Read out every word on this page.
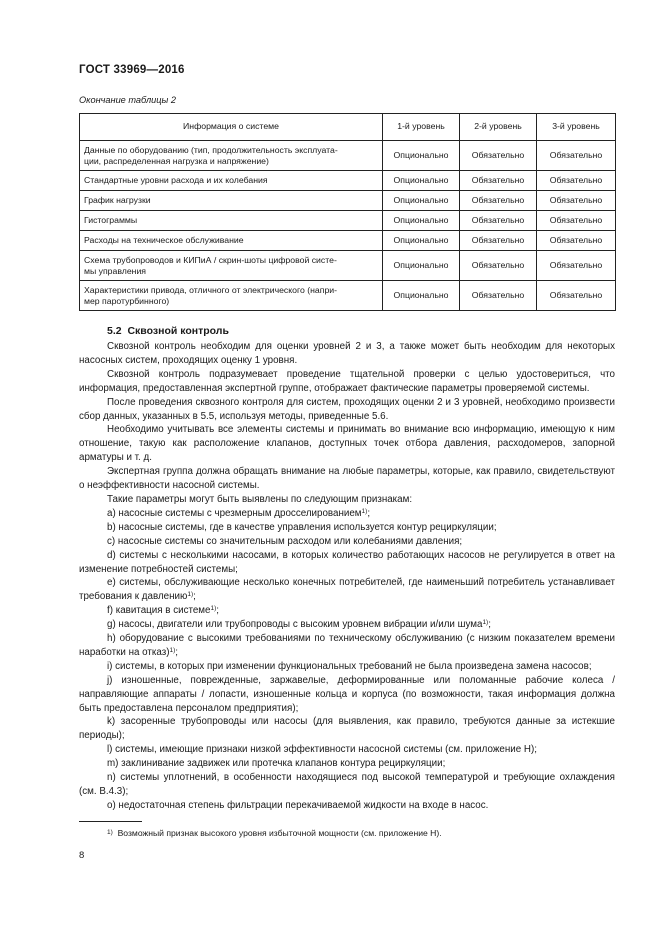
ГОСТ 33969—2016
Окончание таблицы 2
Информация о системе	1-й уровень	2-й уровень	3-й уровень
Данные по оборудованию (тип, продолжительность эксплуата-
ции, распределенная нагрузка и напряжение)	Опционально	Обязательно	Обязательно
Стандартные уровни расхода и их колебания	Опционально	Обязательно	Обязательно
График нагрузки	Опционально	Обязательно	Обязательно
Гистограммы	Опционально	Обязательно	Обязательно
Расходы на техническое обслуживание	Опционально	Обязательно	Обязательно
Схема трубопроводов и КИПиА / скрин-шоты цифровой систе-
мы управления	Опционально	Обязательно	Обязательно
Характеристики привода, отличного от электрического (напри-
мер паротурбинного)	Опционально	Обязательно	Обязательно
5.2 Сквозной контроль

Сквозной контроль необходим для оценки уровней 2 и 3, а также может быть необходим для некоторых насосных систем, проходящих оценку 1 уровня.

Сквозной контроль подразумевает проведение тщательной проверки с целью удостовериться, что информация, предоставленная экспертной группе, отображает фактические параметры проверяемой системы.

После проведения сквозного контроля для систем, проходящих оценки 2 и 3 уровней, необходимо произвести сбор данных, указанных в 5.5, используя методы, приведенные 5.6.

Необходимо учитывать все элементы системы и принимать во внимание всю информацию, имеющую к ним отношение, такую как расположение клапанов, доступных точек отбора давления, расходомеров, запорной арматуры и т. д.

Экспертная группа должна обращать внимание на любые параметры, которые, как правило, свидетельствуют о неэффективности насосной системы.

Такие параметры могут быть выявлены по следующим признакам:

а) насосные системы с чрезмерным дросселированием$^{1)}$;

b) насосные системы, где в качестве управления используется контур рециркуляции;

c) насосные системы со значительным расходом или колебаниями давления;

d) системы с несколькими насосами, в которых количество работающих насосов не регулируется в ответ на изменение потребностей системы;

e) системы, обслуживающие несколько конечных потребителей, где наименьший потребитель устанавливает требования к давлению$^{1)}$;

f) кавитация в системе$^{1)}$;

g) насосы, двигатели или трубопроводы с высоким уровнем вибрации и/или шума$^{1)}$;

h) оборудование с высокими требованиями по техническому обслуживанию (с низким показателем времени наработки на отказ)$^{1)}$;

i) системы, в которых при изменении функциональных требований не была произведена замена насосов;

j) изношенные, поврежденные, заржавелые, деформированные или поломанные рабочие колеса / направляющие аппараты / лопасти, изношенные кольца и корпуса (по возможности, такая информация должна быть предоставлена персоналом предприятия);

k) засоренные трубопроводы или насосы (для выявления, как правило, требуются данные за истекшие периоды);

l) системы, имеющие признаки низкой эффективности насосной системы (см. приложение Н);

m) заклинивание задвижек или протечка клапанов контура рециркуляции;

n) системы уплотнений, в особенности находящиеся под высокой температурой и требующие охлаждения (см. В.4.3);

o) недостаточная степень фильтрации перекачиваемой жидкости на входе в насос.

$^{1)}$ Возможный признак высокого уровня избыточной мощности (см. приложение Н).
8
